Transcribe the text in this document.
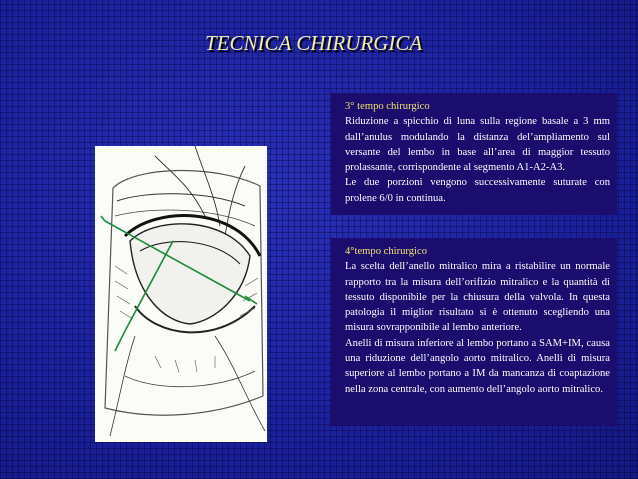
TECNICA CHIRURGICA
3° tempo chirurgico
Riduzione a spicchio di luna sulla regione basale a 3 mm dall’anulus modulando la distanza del’ampliamento sul versante del lembo in base all’area di maggior tessuto prolassante, corrispondente al segmento A1-A2-A3.
Le due porzioni vengono successivamente suturate con prolene 6/0 in continua.
4°tempo chirurgico
La scelta dell’anello mitralico mira a ristabilire un normale rapporto tra la misura dell’orifizio mitralico e la quantità di tessuto disponibile per la chiusura della valvola. In questa patologia il miglior risultato si è ottenuto scegliendo una misura sovrapponibile al lembo anteriore.
Anelli di misura inferiore al lembo portano a SAM+IM, causa una riduzione dell’angolo aorto mitralico. Anelli di misura superiore al lembo portano a IM da mancanza di coaptazione nella zona centrale, con aumento dell’angolo aorto mitralico.
